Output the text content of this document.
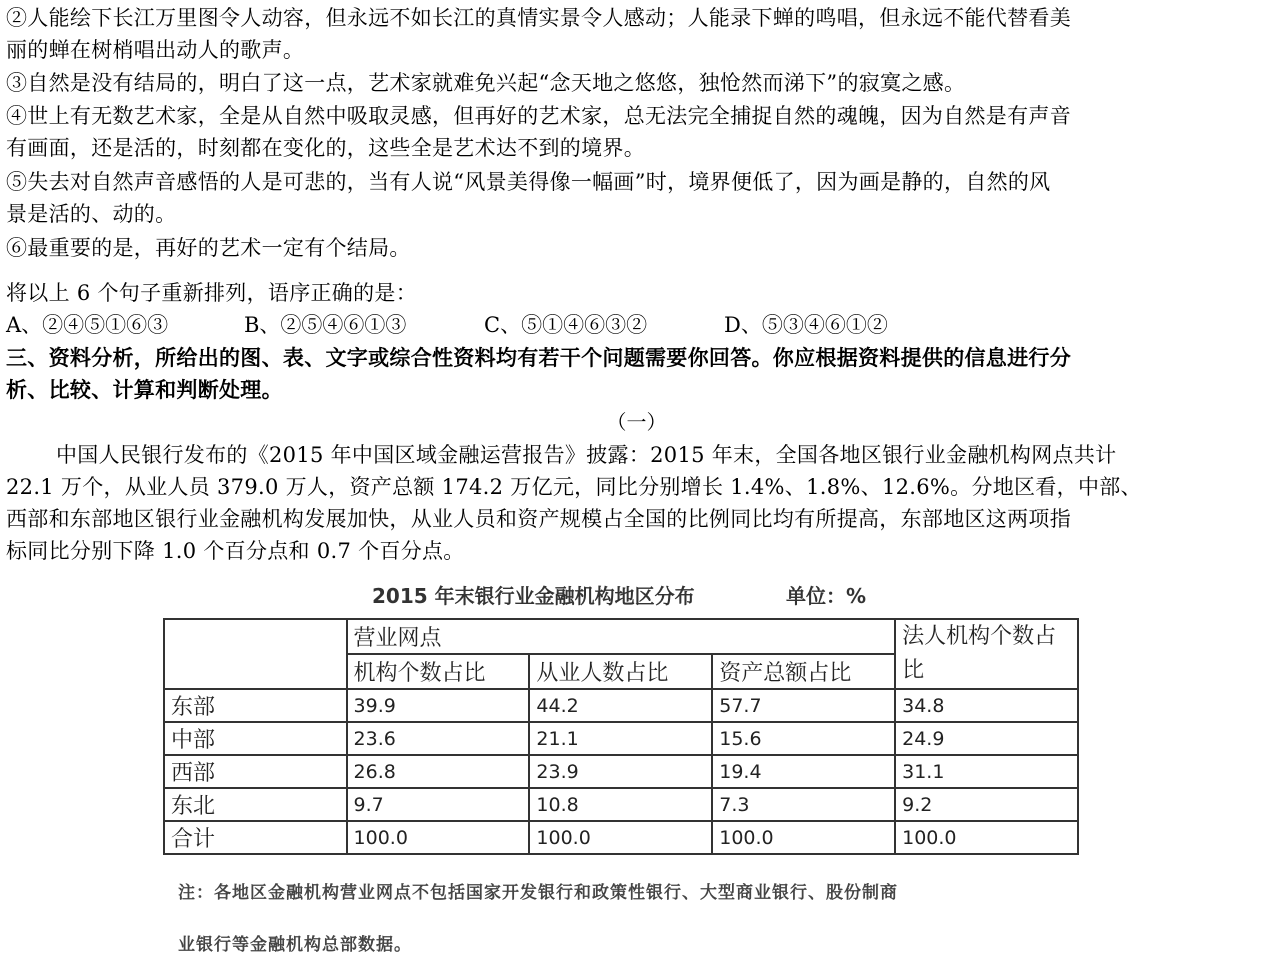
②人能绘下长江万里图令人动容，但永远不如长江的真情实景令人感动；人能录下蝉的鸣唱，但永远不能代替看美
丽的蝉在树梢唱出动人的歌声。
③自然是没有结局的，明白了这一点，艺术家就难免兴起“念天地之悠悠，独怆然而涕下”的寂寞之感。
④世上有无数艺术家，全是从自然中吸取灵感，但再好的艺术家，总无法完全捕捉自然的魂魄，因为自然是有声音
有画面，还是活的，时刻都在变化的，这些全是艺术达不到的境界。
⑤失去对自然声音感悟的人是可悲的，当有人说“风景美得像一幅画”时，境界便低了，因为画是静的，自然的风
景是活的、动的。
⑥最重要的是，再好的艺术一定有个结局。
将以上 6 个句子重新排列，语序正确的是：
A、②④⑤①⑥③	B、②⑤④⑥①③	C、⑤①④⑥③②	D、⑤③④⑥①②
三、资料分析，所给出的图、表、文字或综合性资料均有若干个问题需要你回答。你应根据资料提供的信息进行分
析、比较、计算和判断处理。
（一）
中国人民银行发布的《2015 年中国区域金融运营报告》披露：2015 年末，全国各地区银行业金融机构网点共计
22.1 万个，从业人员 379.0 万人，资产总额 174.2 万亿元，同比分别增长 1.4%、1.8%、12.6%。分地区看，中部、
西部和东部地区银行业金融机构发展加快，从业人员和资产规模占全国的比例同比均有所提高，东部地区这两项指
标同比分别下降 1.0 个百分点和 0.7 个百分点。
2015 年末银行业金融机构地区分布	单位：%
	营业网点			法人机构个数占
比

	机构个数占比	从业人数占比	资产总额占比	
东部	39.9	44.2	57.7	34.8
中部	23.6	21.1	15.6	24.9
西部	26.8	23.9	19.4	31.1
东北	9.7	10.8	7.3	9.2
合计	100.0	100.0	100.0	100.0
注：各地区金融机构营业网点不包括国家开发银行和政策性银行、大型商业银行、股份制商
业银行等金融机构总部数据。
